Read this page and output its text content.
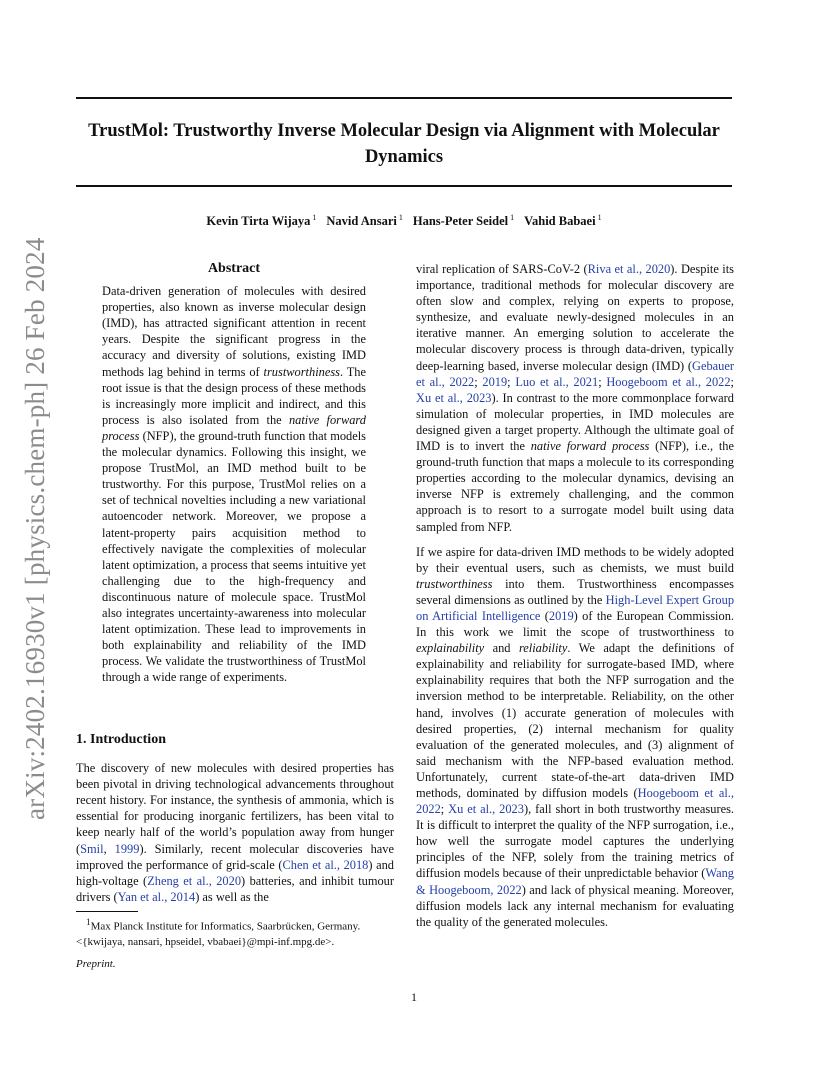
arXiv:2402.16930v1 [physics.chem-ph] 26 Feb 2024
TrustMol: Trustworthy Inverse Molecular Design via Alignment with Molecular Dynamics
Kevin Tirta Wijaya $^1$ Navid Ansari $^1$ Hans-Peter Seidel $^1$ Vahid Babaei $^1$
Abstract

Data-driven generation of molecules with desired properties, also known as inverse molecular design (IMD), has attracted significant attention in recent years. Despite the significant progress in the accuracy and diversity of solutions, existing IMD methods lag behind in terms of trustworthiness. The root issue is that the design process of these methods is increasingly more implicit and indirect, and this process is also isolated from the native forward process (NFP), the ground-truth function that models the molecular dynamics. Following this insight, we propose TrustMol, an IMD method built to be trustworthy. For this purpose, TrustMol relies on a set of technical novelties including a new variational autoencoder network. Moreover, we propose a latent-property pairs acquisition method to effectively navigate the complexities of molecular latent optimization, a process that seems intuitive yet challenging due to the high-frequency and discontinuous nature of molecule space. TrustMol also integrates uncertainty-awareness into molecular latent optimization. These lead to improvements in both explainability and reliability of the IMD process. We validate the trustworthiness of TrustMol through a wide range of experiments.

1. Introduction

The discovery of new molecules with desired properties has been pivotal in driving technological advancements throughout recent history. For instance, the synthesis of ammonia, which is essential for producing inorganic fertilizers, has been vital to keep nearly half of the world’s population away from hunger (Smil, 1999). Similarly, recent molecular discoveries have improved the performance of grid-scale (Chen et al., 2018) and high-voltage (Zheng et al., 2020) batteries, and inhibit tumour drivers (Yan et al., 2014) as well as the

$^1$Max Planck Institute for Informatics, Saarbrücken, Germany.
<{kwijaya, nansari, hpseidel, vbabaei}@mpi-inf.mpg.de>.

Preprint.

viral replication of SARS-CoV-2 (Riva et al., 2020). Despite its importance, traditional methods for molecular discovery are often slow and complex, relying on experts to propose, synthesize, and evaluate newly-designed molecules in an iterative manner. An emerging solution to accelerate the molecular discovery process is through data-driven, typically deep-learning based, inverse molecular design (IMD) (Gebauer et al., 2022; 2019; Luo et al., 2021; Hoogeboom et al., 2022; Xu et al., 2023). In contrast to the more commonplace forward simulation of molecular properties, in IMD molecules are designed given a target property. Although the ultimate goal of IMD is to invert the native forward process (NFP), i.e., the ground-truth function that maps a molecule to its corresponding properties according to the molecular dynamics, devising an inverse NFP is extremely challenging, and the common approach is to resort to a surrogate model built using data sampled from NFP.

If we aspire for data-driven IMD methods to be widely adopted by their eventual users, such as chemists, we must build trustworthiness into them. Trustworthiness encompasses several dimensions as outlined by the High-Level Expert Group on Artificial Intelligence (2019) of the European Commission. In this work we limit the scope of trustworthiness to explainability and reliability. We adapt the definitions of explainability and reliability for surrogate-based IMD, where explainability requires that both the NFP surrogation and the inversion method to be interpretable. Reliability, on the other hand, involves (1) accurate generation of molecules with desired properties, (2) internal mechanism for quality evaluation of the generated molecules, and (3) alignment of said mechanism with the NFP-based evaluation method. Unfortunately, current state-of-the-art data-driven IMD methods, dominated by diffusion models (Hoogeboom et al., 2022; Xu et al., 2023), fall short in both trustworthy measures. It is difficult to interpret the quality of the NFP surrogation, i.e., how well the surrogate model captures the underlying principles of the NFP, solely from the training metrics of diffusion models because of their unpredictable behavior (Wang & Hoogeboom, 2022) and lack of physical meaning. Moreover, diffusion models lack any internal mechanism for evaluating the quality of the generated molecules.

1
